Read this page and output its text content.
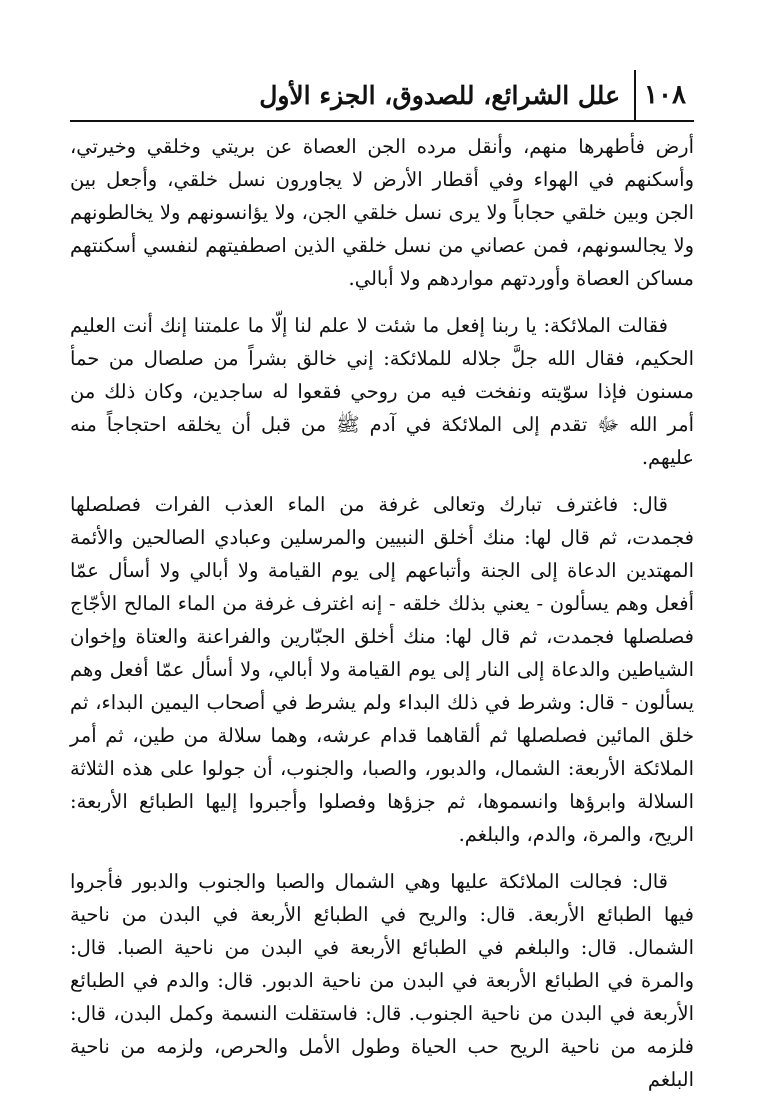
١٠٨
علل الشرائع، للصدوق، الجزء الأول

أرض فأطهرها منهم، وأنقل مرده الجن العصاة عن بريتي وخلقي وخيرتي، وأسكنهم في الهواء وفي أقطار الأرض لا يجاورون نسل خلقي، وأجعل بين الجن وبين خلقي حجاباً ولا يرى نسل خلقي الجن، ولا يؤانسونهم ولا يخالطونهم ولا يجالسونهم، فمن عصاني من نسل خلقي الذين اصطفيتهم لنفسي أسكنتهم مساكن العصاة وأوردتهم مواردهم ولا أبالي.

فقالت الملائكة: يا ربنا إفعل ما شئت لا علم لنا إلّا ما علمتنا إنك أنت العليم الحكيم، فقال الله جلَّ جلاله للملائكة: إني خالق بشراً من صلصال من حمأ مسنون فإذا سوّيته ونفخت فيه من روحي فقعوا له ساجدين، وكان ذلك من أمر الله ﷻ تقدم إلى الملائكة في آدم ﷺ من قبل أن يخلقه احتجاجاً منه عليهم.

قال: فاغترف تبارك وتعالى غرفة من الماء العذب الفرات فصلصلها فجمدت، ثم قال لها: منك أخلق النبيين والمرسلين وعبادي الصالحين والأئمة المهتدين الدعاة إلى الجنة وأتباعهم إلى يوم القيامة ولا أبالي ولا أسأل عمّا أفعل وهم يسألون - يعني بذلك خلقه - إنه اغترف غرفة من الماء المالح الأجّاج فصلصلها فجمدت، ثم قال لها: منك أخلق الجبّارين والفراعنة والعتاة وإخوان الشياطين والدعاة إلى النار إلى يوم القيامة ولا أبالي، ولا أسأل عمّا أفعل وهم يسألون - قال: وشرط في ذلك البداء ولم يشرط في أصحاب اليمين البداء، ثم خلق المائين فصلصلها ثم ألقاهما قدام عرشه، وهما سلالة من طين، ثم أمر الملائكة الأربعة: الشمال، والدبور، والصبا، والجنوب، أن جولوا على هذه الثلاثة السلالة وابرؤها وانسموها، ثم جزؤها وفصلوا وأجبروا إليها الطبائع الأربعة: الريح، والمرة، والدم، والبلغم.

قال: فجالت الملائكة عليها وهي الشمال والصبا والجنوب والدبور فأجروا فيها الطبائع الأربعة. قال: والريح في الطبائع الأربعة في البدن من ناحية الشمال. قال: والبلغم في الطبائع الأربعة في البدن من ناحية الصبا. قال: والمرة في الطبائع الأربعة في البدن من ناحية الدبور. قال: والدم في الطبائع الأربعة في البدن من ناحية الجنوب. قال: فاستقلت النسمة وكمل البدن، قال: فلزمه من ناحية الريح حب الحياة وطول الأمل والحرص، ولزمه من ناحية البلغم
